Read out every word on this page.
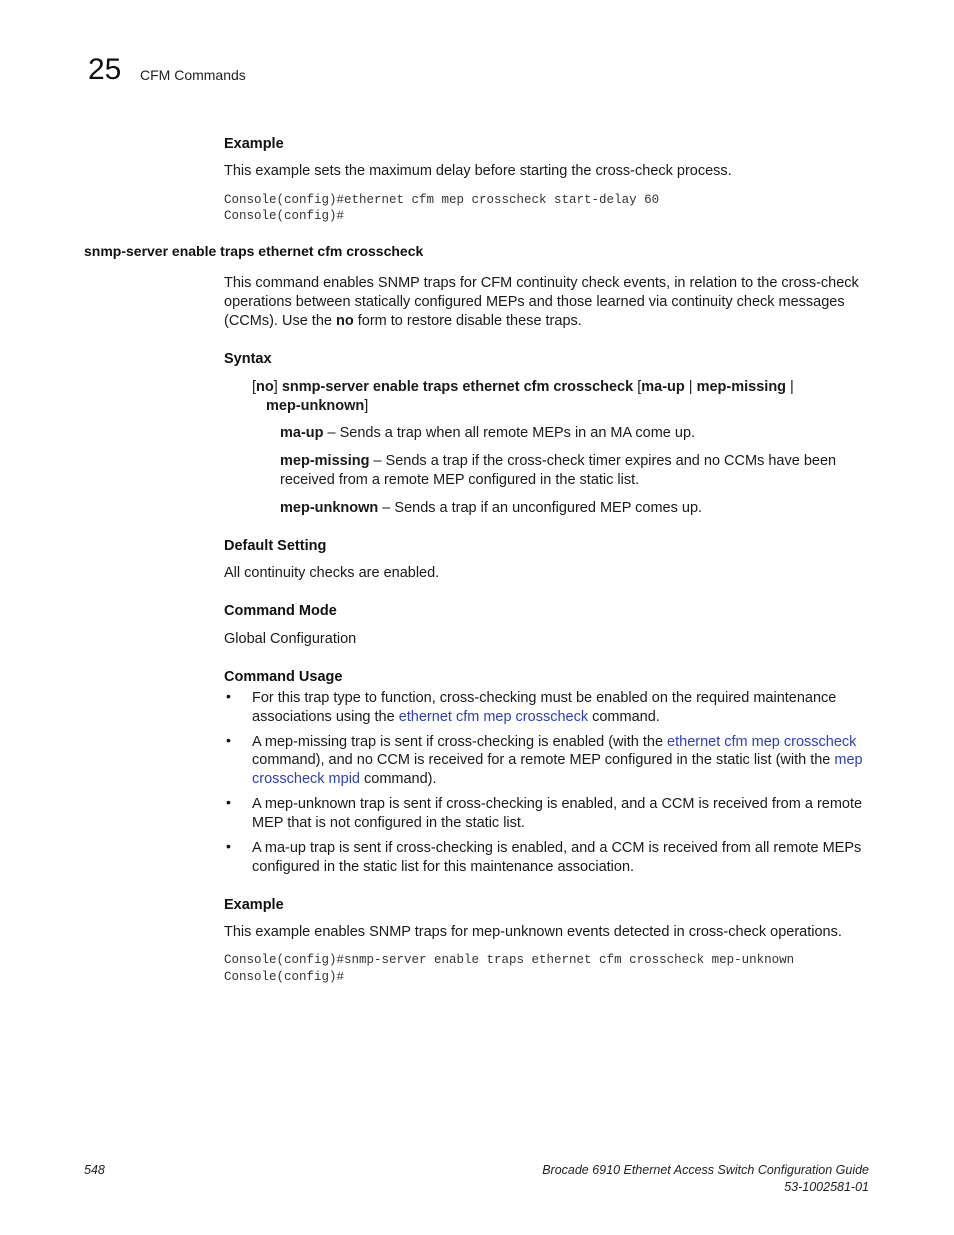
25 CFM Commands
Example
This example sets the maximum delay before starting the cross-check process.
Console(config)#ethernet cfm mep crosscheck start-delay 60
Console(config)#
snmp-server enable traps ethernet cfm crosscheck
This command enables SNMP traps for CFM continuity check events, in relation to the cross-check
operations between statically configured MEPs and those learned via continuity check messages
(CCMs). Use the no form to restore disable these traps.
Syntax
[no] snmp-server enable traps ethernet cfm crosscheck [ma-up | mep-missing |
mep-unknown]
ma-up – Sends a trap when all remote MEPs in an MA come up.
mep-missing – Sends a trap if the cross-check timer expires and no CCMs have been
received from a remote MEP configured in the static list.
mep-unknown – Sends a trap if an unconfigured MEP comes up.
Default Setting
All continuity checks are enabled.
Command Mode
Global Configuration
Command Usage
• For this trap type to function, cross-checking must be enabled on the required maintenance
associations using the ethernet cfm mep crosscheck command.
• A mep-missing trap is sent if cross-checking is enabled (with the ethernet cfm mep crosscheck
command), and no CCM is received for a remote MEP configured in the static list (with the mep
crosscheck mpid command).
• A mep-unknown trap is sent if cross-checking is enabled, and a CCM is received from a remote
MEP that is not configured in the static list.
• A ma-up trap is sent if cross-checking is enabled, and a CCM is received from all remote MEPs
configured in the static list for this maintenance association.
Example
This example enables SNMP traps for mep-unknown events detected in cross-check operations.
Console(config)#snmp-server enable traps ethernet cfm crosscheck mep-unknown
Console(config)#
548	Brocade 6910 Ethernet Access Switch Configuration Guide
53-1002581-01
